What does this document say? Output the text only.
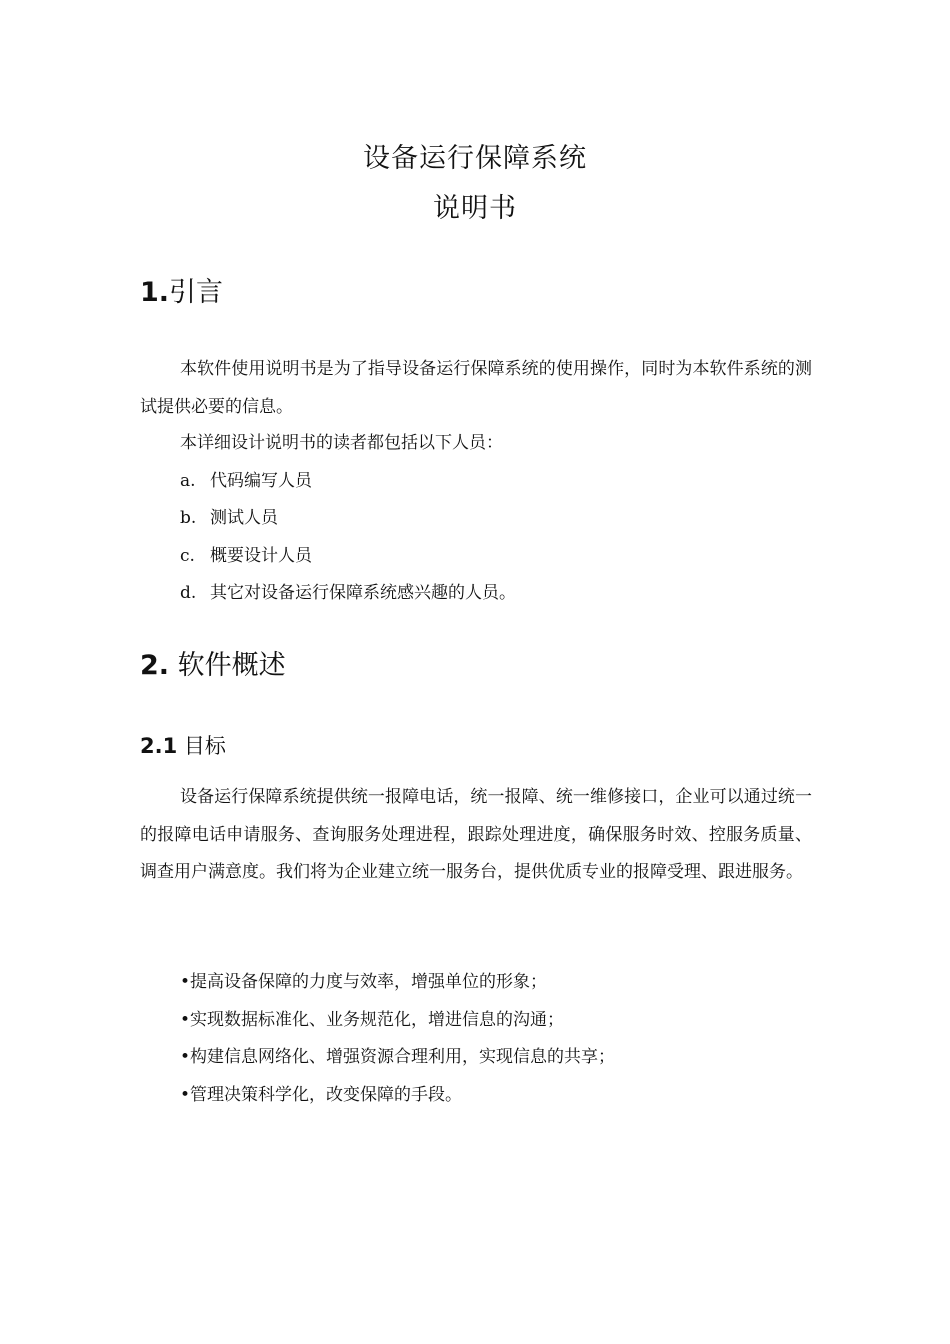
设备运行保障系统
说明书
1.引言

本软件使用说明书是为了指导设备运行保障系统的使用操作，同时为本软件系统的测试提供必要的信息。

本详细设计说明书的读者都包括以下人员：
a. 代码编写人员
b. 测试人员
c. 概要设计人员
d. 其它对设备运行保障系统感兴趣的人员。
2. 软件概述
2.1 目标

设备运行保障系统提供统一报障电话，统一报障、统一维修接口，企业可以通过统一的报障电话申请服务、查询服务处理进程，跟踪处理进度，确保服务时效、控服务质量、调查用户满意度。我们将为企业建立统一服务台，提供优质专业的报障受理、跟进服务。

•提高设备保障的力度与效率，增强单位的形象；
•实现数据标准化、业务规范化，增进信息的沟通；
•构建信息网络化、增强资源合理利用，实现信息的共享；
•管理决策科学化，改变保障的手段。
